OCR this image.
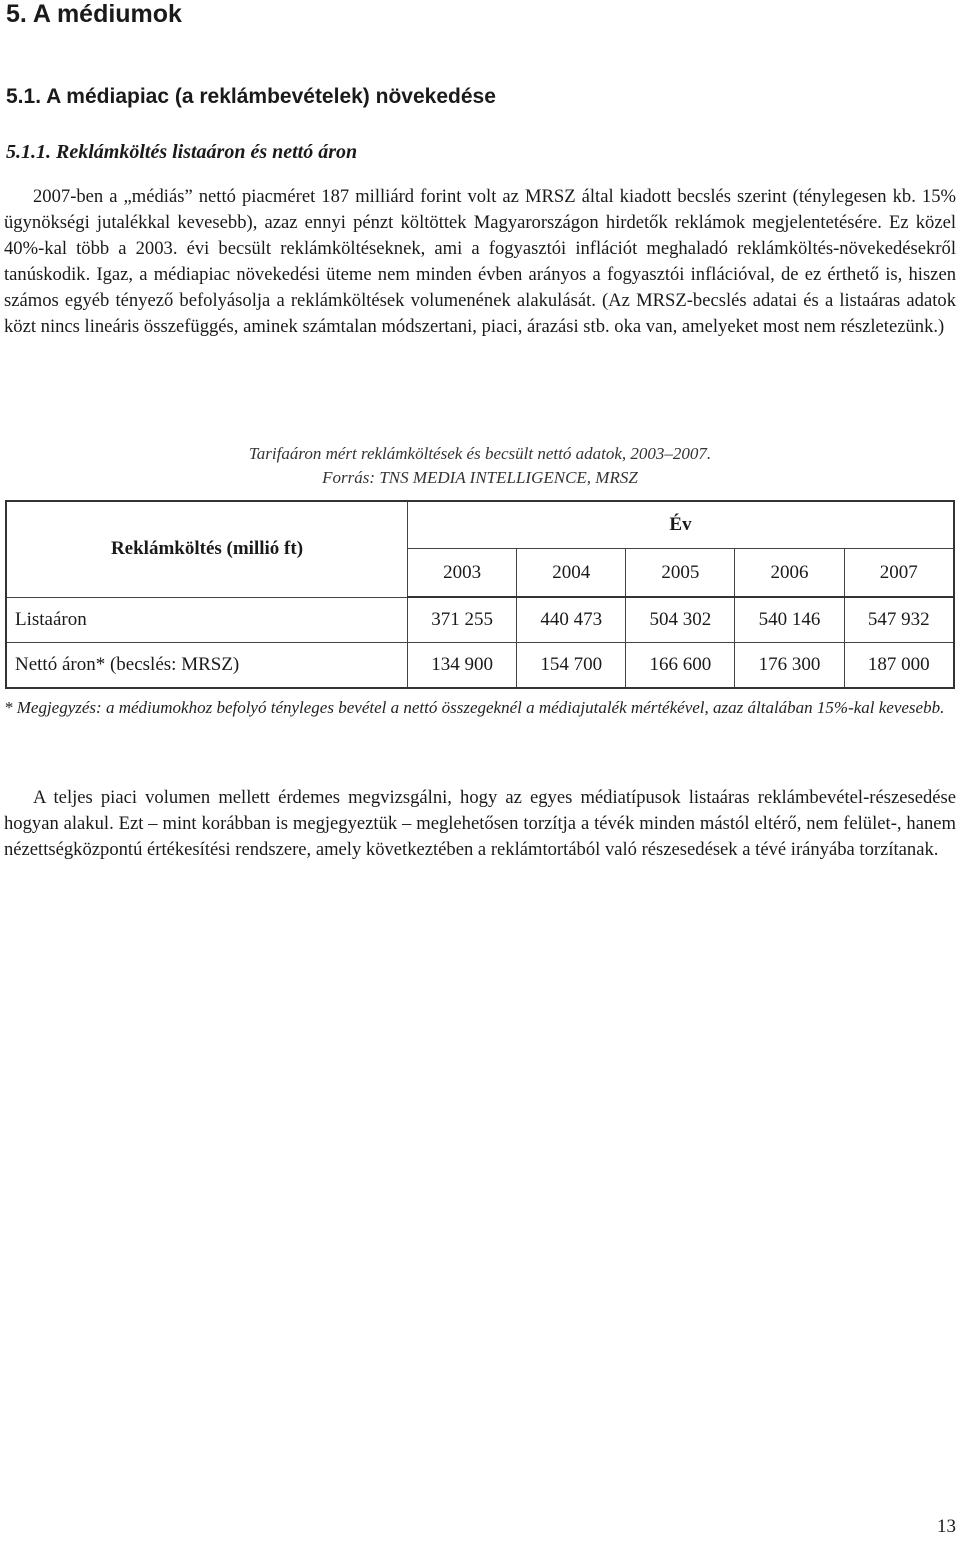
5. A médiumok
5.1. A médiapiac (a reklámbevételek) növekedése
5.1.1. Reklámköltés listaáron és nettó áron
2007-ben a „médiás” nettó piacméret 187 milliárd forint volt az MRSZ által kiadott becslés szerint (ténylegesen kb. 15% ügynökségi jutalékkal kevesebb), azaz ennyi pénzt költöttek Magyarországon hirdetők reklámok megjelentetésére. Ez közel 40%-kal több a 2003. évi becsült reklámköltéseknek, ami a fogyasztói inflációt meghaladó reklámköltés-növekedésekről tanúskodik. Igaz, a médiapiac növekedési üteme nem minden évben arányos a fogyasztói inflációval, de ez érthető is, hiszen számos egyéb tényező befolyásolja a reklámköltések volumenének alakulását. (Az MRSZ-becslés adatai és a listaáras adatok közt nincs lineáris összefüggés, aminek számtalan módszertani, piaci, árazási stb. oka van, amelyeket most nem részletezünk.)
Tarifaáron mért reklámköltések és becsült nettó adatok, 2003–2007.
Forrás: TNS MEDIA INTELLIGENCE, MRSZ
Reklámköltés (millió ft)	Év				
	2003	2004	2005	2006	2007
Listaáron	371 255	440 473	504 302	540 146	547 932
Nettó áron* (becslés: MRSZ)	134 900	154 700	166 600	176 300	187 000
* Megjegyzés: a médiumokhoz befolyó tényleges bevétel a nettó összegeknél a médiajutalék mértékével, azaz általában 15%-kal kevesebb.
A teljes piaci volumen mellett érdemes megvizsgálni, hogy az egyes médiatípusok listaáras reklámbevétel-részesedése hogyan alakul. Ezt – mint korábban is megjegyeztük – meglehetősen torzítja a tévék minden mástól eltérő, nem felület-, hanem nézettségközpontú értékesítési rendszere, amely következtében a reklámtortából való részesedések a tévé irányába torzítanak.
13
